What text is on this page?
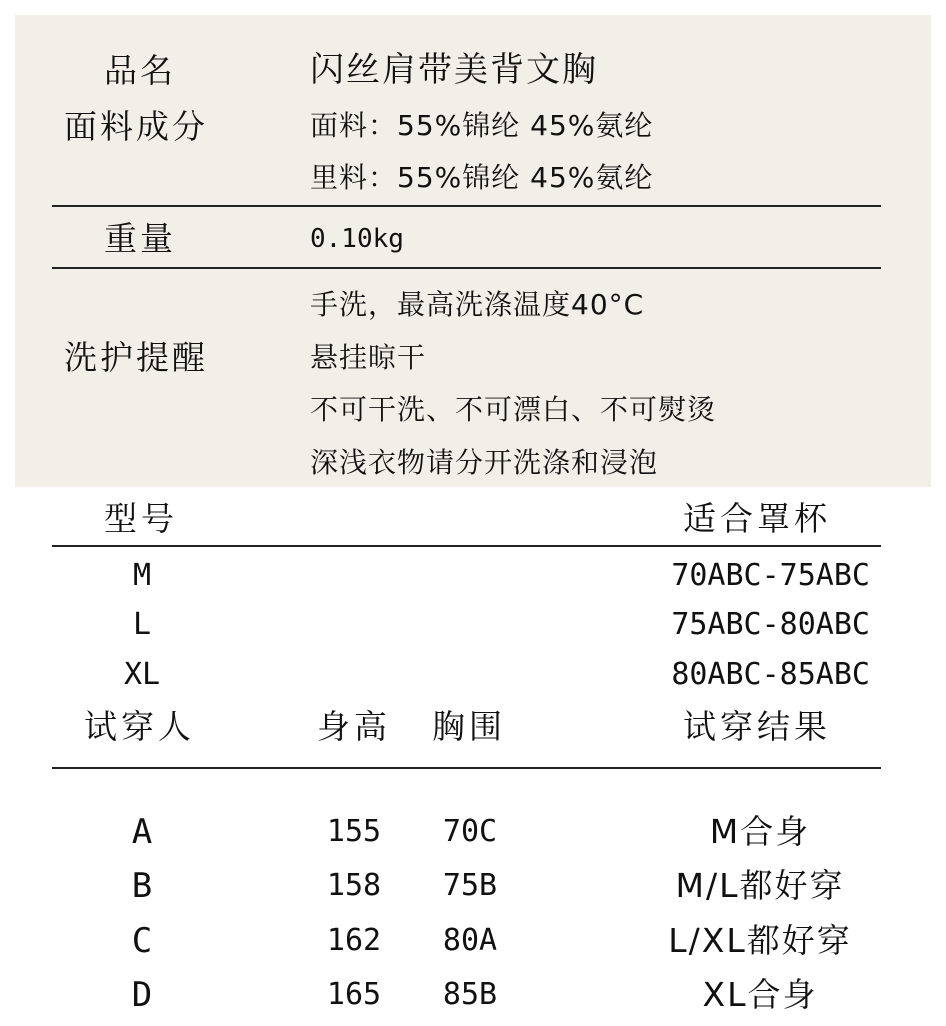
品名	闪丝肩带美背文胸
面料成分	面料：55%锦纶 45%氨纶
里料：55%锦纶 45%氨纶
重量	0.10kg
洗护提醒
手洗，最高洗涤温度40°C
悬挂晾干
不可干洗、不可漂白、不可熨烫
深浅衣物请分开洗涤和浸泡
型号	适合罩杯
M	70ABC-75ABC
L	75ABC-80ABC
XL	80ABC-85ABC
试穿人	身高 胸围	试穿结果
A	155	70C	M合身
B	158	75B	M/L都好穿
C	162	80A	L/XL都好穿
D	165	85B	XL合身
